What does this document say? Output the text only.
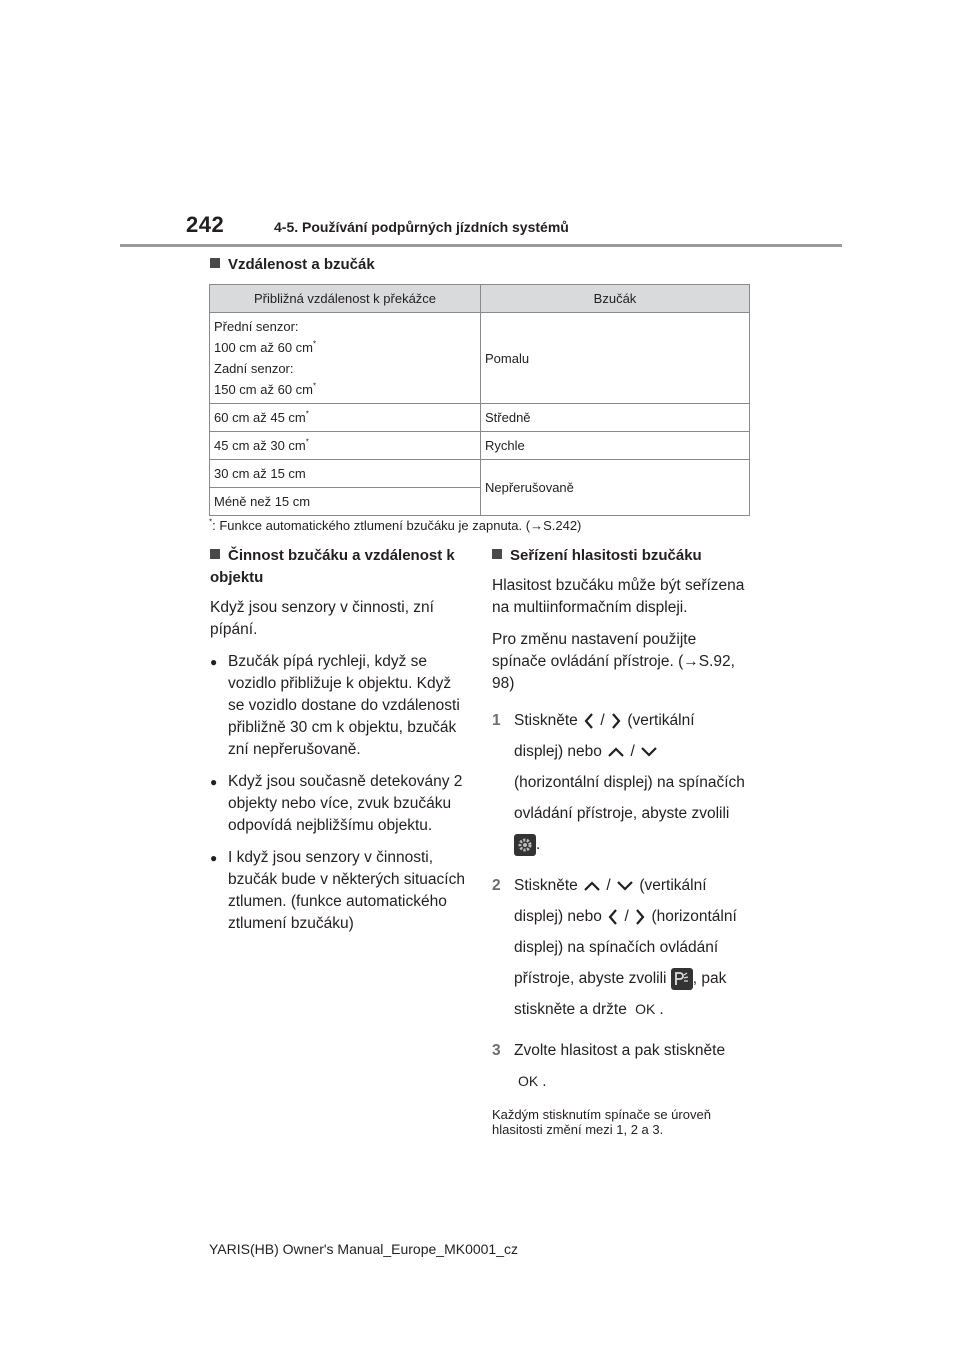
242	4-5. Používání podpůrných jízdních systémů
Vzdálenost a bzučák
Přibližná vzdálenost k překážce	Bzučák
Přední senzor:
100 cm až 60 cm*
Zadní senzor:
150 cm až 60 cm*	Pomalu
60 cm až 45 cm*	Středně
45 cm až 30 cm*	Rychle
30 cm až 15 cm	Nepřerušovaně
Méně než 15 cm	
*: Funkce automatického ztlumení bzučáku je zapnuta. (→S.242)
Činnost bzučáku a vzdálenost k objektu

Když jsou senzory v činnosti, zní pípání.

● Bzučák pípá rychleji, když se vozidlo přibližuje k objektu. Když se vozidlo dostane do vzdálenosti přibližně 30 cm k objektu, bzučák zní nepřerušovaně.
● Když jsou současně detekovány 2 objekty nebo více, zvuk bzučáku odpovídá nejbližšímu objektu.
● I když jsou senzory v činnosti, bzučák bude v některých situacích ztlumen. (funkce automatického ztlumení bzučáku)
Seřízení hlasitosti bzučáku

Hlasitost bzučáku může být seřízena na multiinformačním displeji.

Pro změnu nastavení použijte spínače ovládání přístroje. (→S.92, 98)

1 Stiskněte / (vertikální displej) nebo /  (horizontální displej) na spínačích ovládání přístroje, abyste zvolili
.
2 Stiskněte / (vertikální displej) nebo / (horizontální displej) na spínačích ovládání přístroje, abyste zvolili , pak stiskněte a držte OK .
3 Zvolte hlasitost a pak stiskněte
OK .

Každým stisknutím spínače se úroveň hlasitosti změní mezi 1, 2 a 3.

YARIS(HB) Owner's Manual_Europe_MK0001_cz
